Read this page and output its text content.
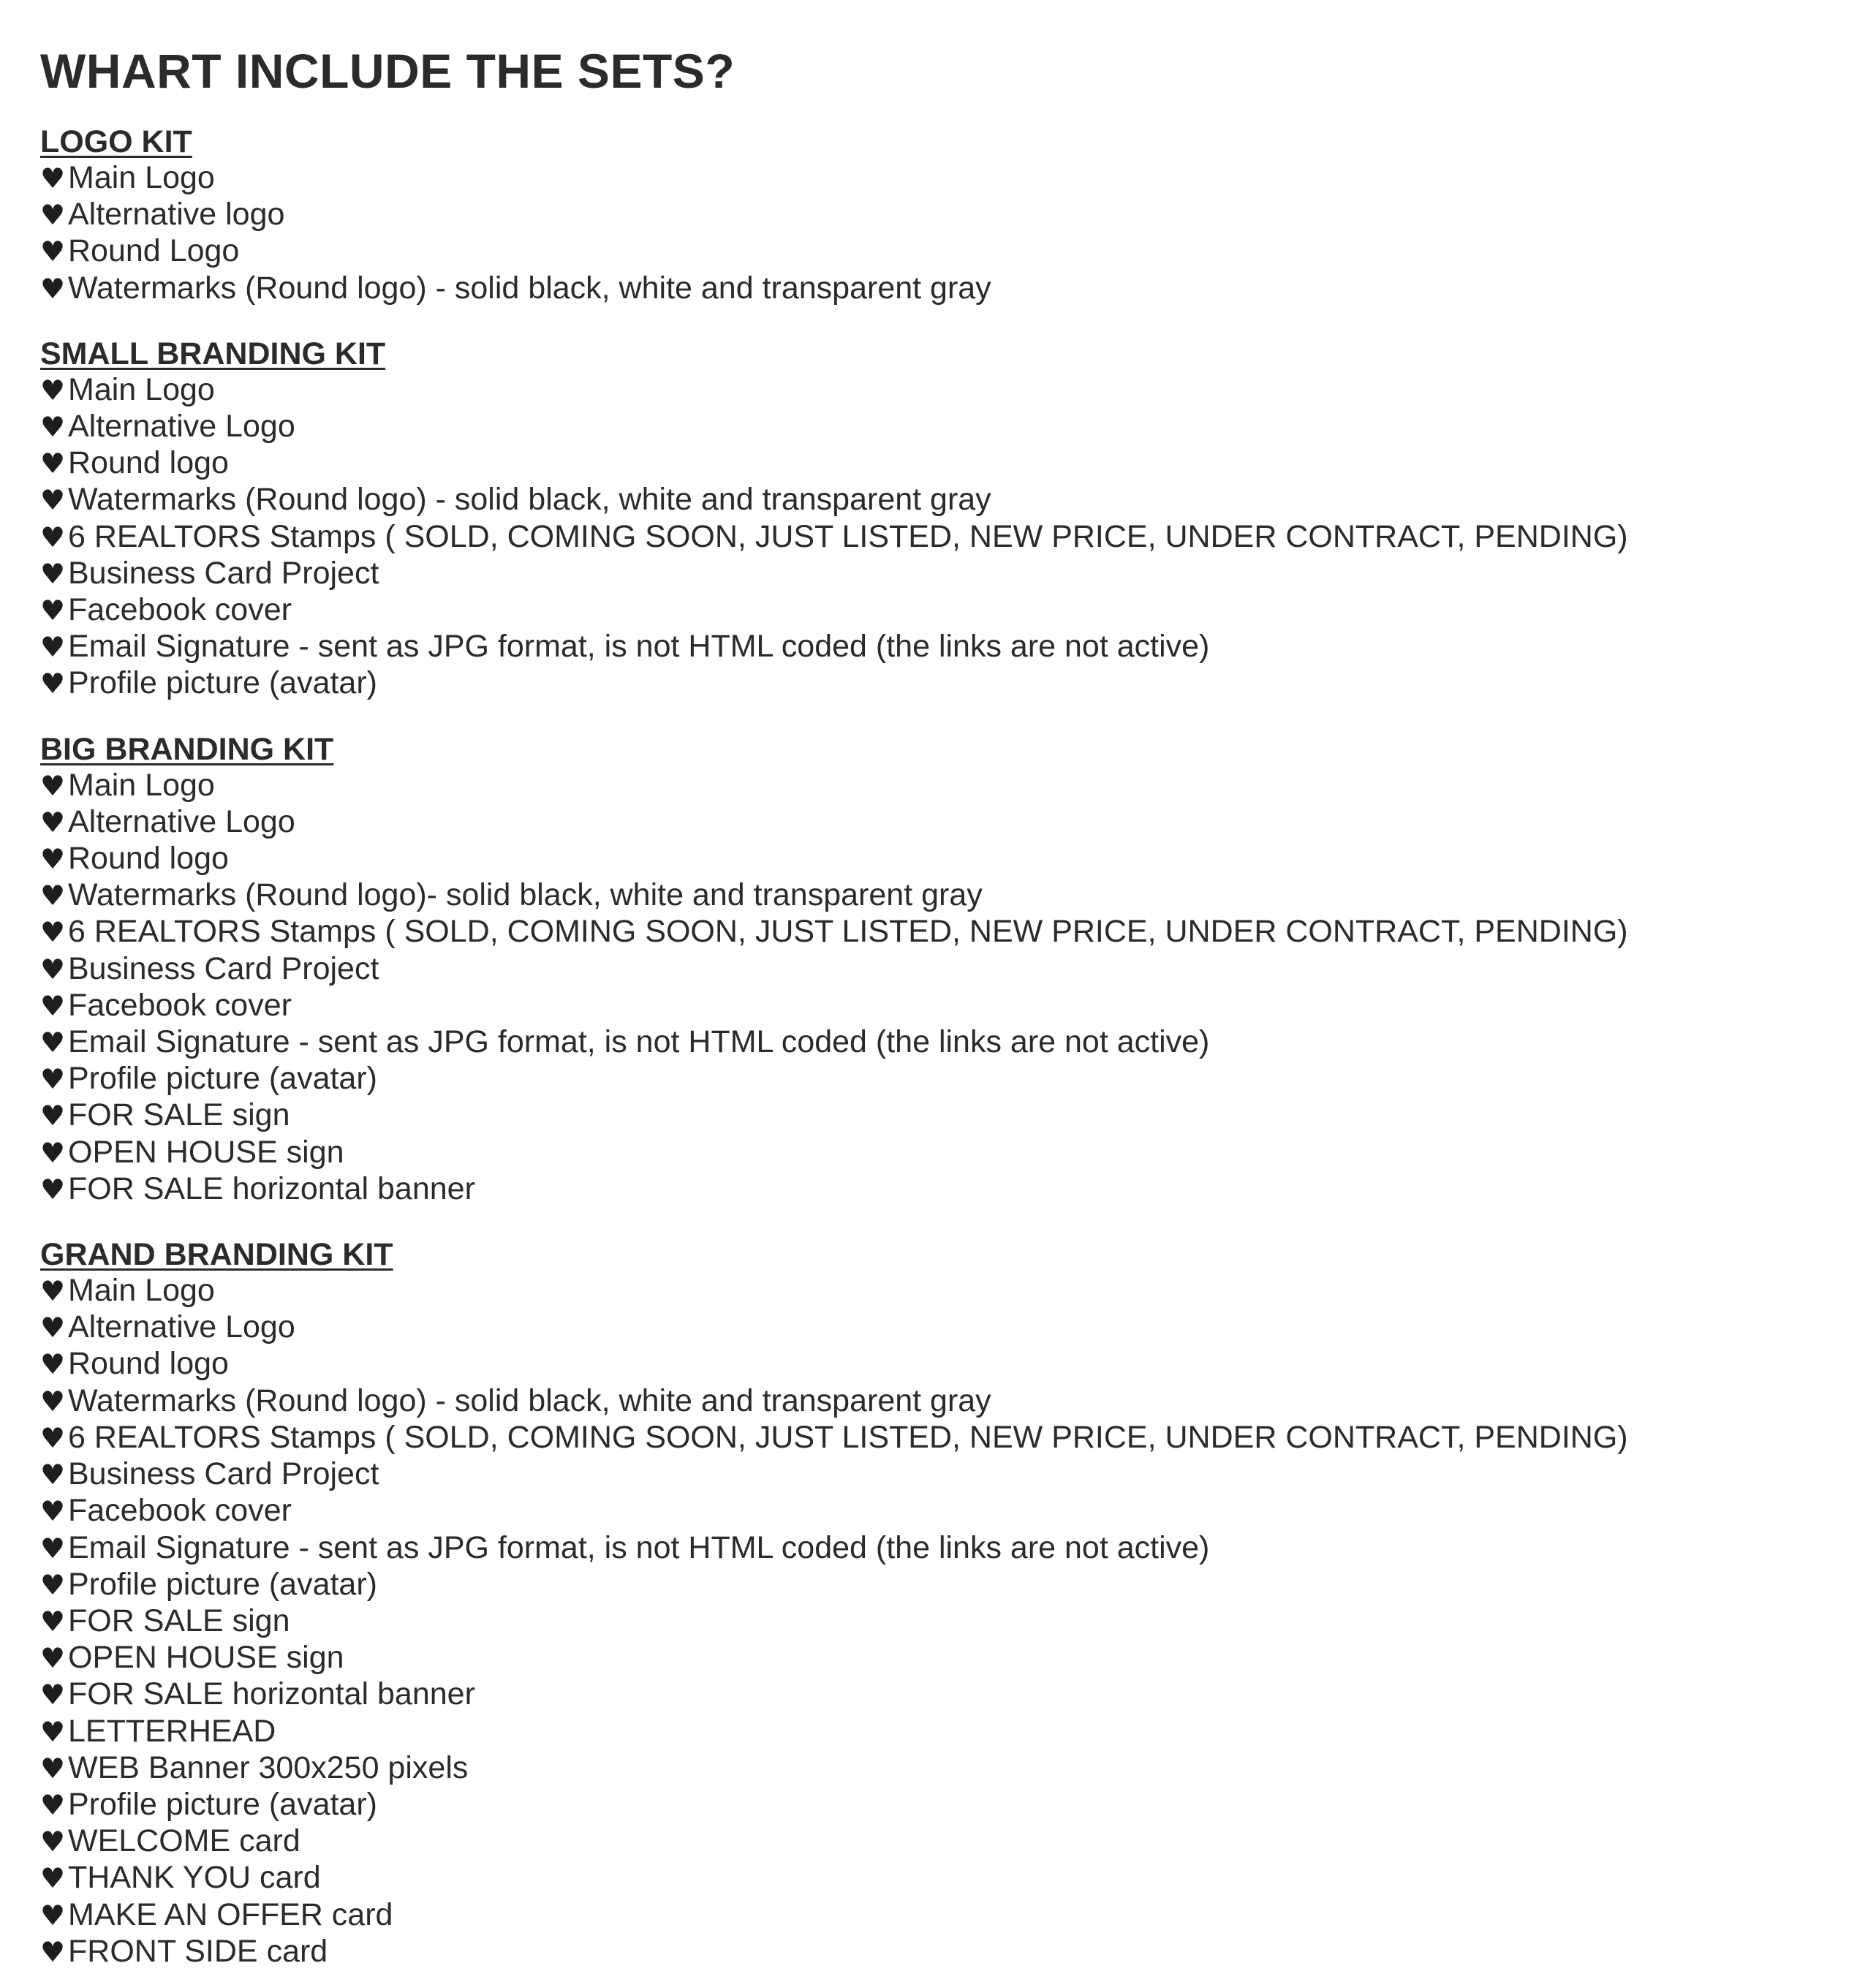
WHART INCLUDE THE SETS?
LOGO KIT
♥Main Logo
♥Alternative logo
♥Round Logo
♥Watermarks (Round logo) - solid black, white and transparent gray
SMALL BRANDING KIT
♥Main Logo
♥Alternative Logo
♥Round logo
♥Watermarks (Round logo) - solid black, white and transparent gray
♥6 REALTORS Stamps ( SOLD, COMING SOON, JUST LISTED, NEW PRICE, UNDER CONTRACT, PENDING)
♥Business Card Project
♥Facebook cover
♥Email Signature - sent as JPG format, is not HTML coded (the links are not active)
♥Profile picture (avatar)
BIG BRANDING KIT
♥Main Logo
♥Alternative Logo
♥Round logo
♥Watermarks (Round logo)- solid black, white and transparent gray
♥6 REALTORS Stamps ( SOLD, COMING SOON, JUST LISTED, NEW PRICE, UNDER CONTRACT, PENDING)
♥Business Card Project
♥Facebook cover
♥Email Signature - sent as JPG format, is not HTML coded (the links are not active)
♥Profile picture (avatar)
♥FOR SALE sign
♥OPEN HOUSE sign
♥FOR SALE horizontal banner
GRAND BRANDING KIT
♥Main Logo
♥Alternative Logo
♥Round logo
♥Watermarks (Round logo) - solid black, white and transparent gray
♥6 REALTORS Stamps ( SOLD, COMING SOON, JUST LISTED, NEW PRICE, UNDER CONTRACT, PENDING)
♥Business Card Project
♥Facebook cover
♥Email Signature - sent as JPG format, is not HTML coded (the links are not active)
♥Profile picture (avatar)
♥FOR SALE sign
♥OPEN HOUSE sign
♥FOR SALE horizontal banner
♥LETTERHEAD
♥WEB Banner 300x250 pixels
♥Profile picture (avatar)
♥WELCOME card
♥THANK YOU card
♥MAKE AN OFFER card
♥FRONT SIDE card
